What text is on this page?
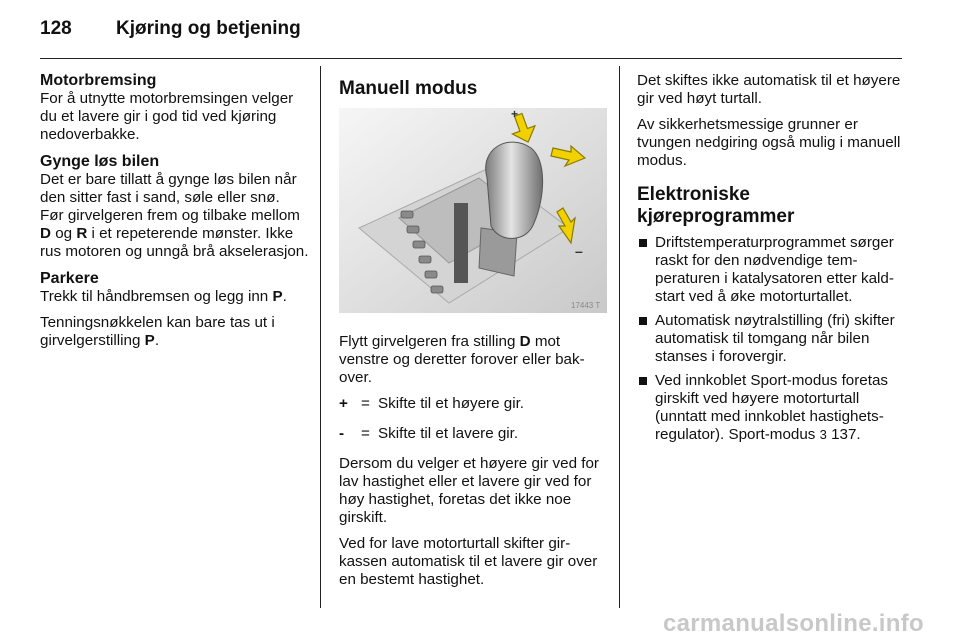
128 Kjøring og betjening
Motorbremsing

For å utnytte motorbremsingen velger du et lavere gir i god tid ved kjøring nedoverbakke.

Gynge løs bilen

Det er bare tillatt å gynge løs bilen når den sitter fast i sand, søle eller snø.

Før girvelgeren frem og tilbake mellom D og R i et repeterende mønster. Ikke rus motoren og unngå brå akselerasjon.

Parkere

Trekk til håndbremsen og legg inn P.

Tenningsnøkkelen kan bare tas ut i girvelgerstilling P.

Manuell modus
+
–
17443 T

Flytt girvelgeren fra stilling D mot venstre og deretter forover eller bakover.

+ = Skifte til et høyere gir.
-	= Skifte til et lavere gir.

Dersom du velger et høyere gir ved for lav hastighet eller et lavere gir ved for høy hastighet, foretas det ikke noe girskift.

Ved for lave motorturtall skifter girkassen automatisk til et lavere gir over en bestemt hastighet.

Det skiftes ikke automatisk til et høyere gir ved høyt turtall.

Av sikkerhetsmessige grunner er tvungen nedgiring også mulig i manuell modus.

Elektroniske kjøreprogrammer
Driftstemperaturprogrammet sørger raskt for den nødvendige temperaturen i katalysatoren etter kaldstart ved å øke motorturtallet.
Automatisk nøytralstilling (fri) skifter automatisk til tomgang når bilen stanses i forovergir.
Ved innkoblet Sport-modus foretas girskift ved høyere motorturtall (unntatt med innkoblet hastighetsregulator). Sport-modus 3 137.
carmanualsonline.info
